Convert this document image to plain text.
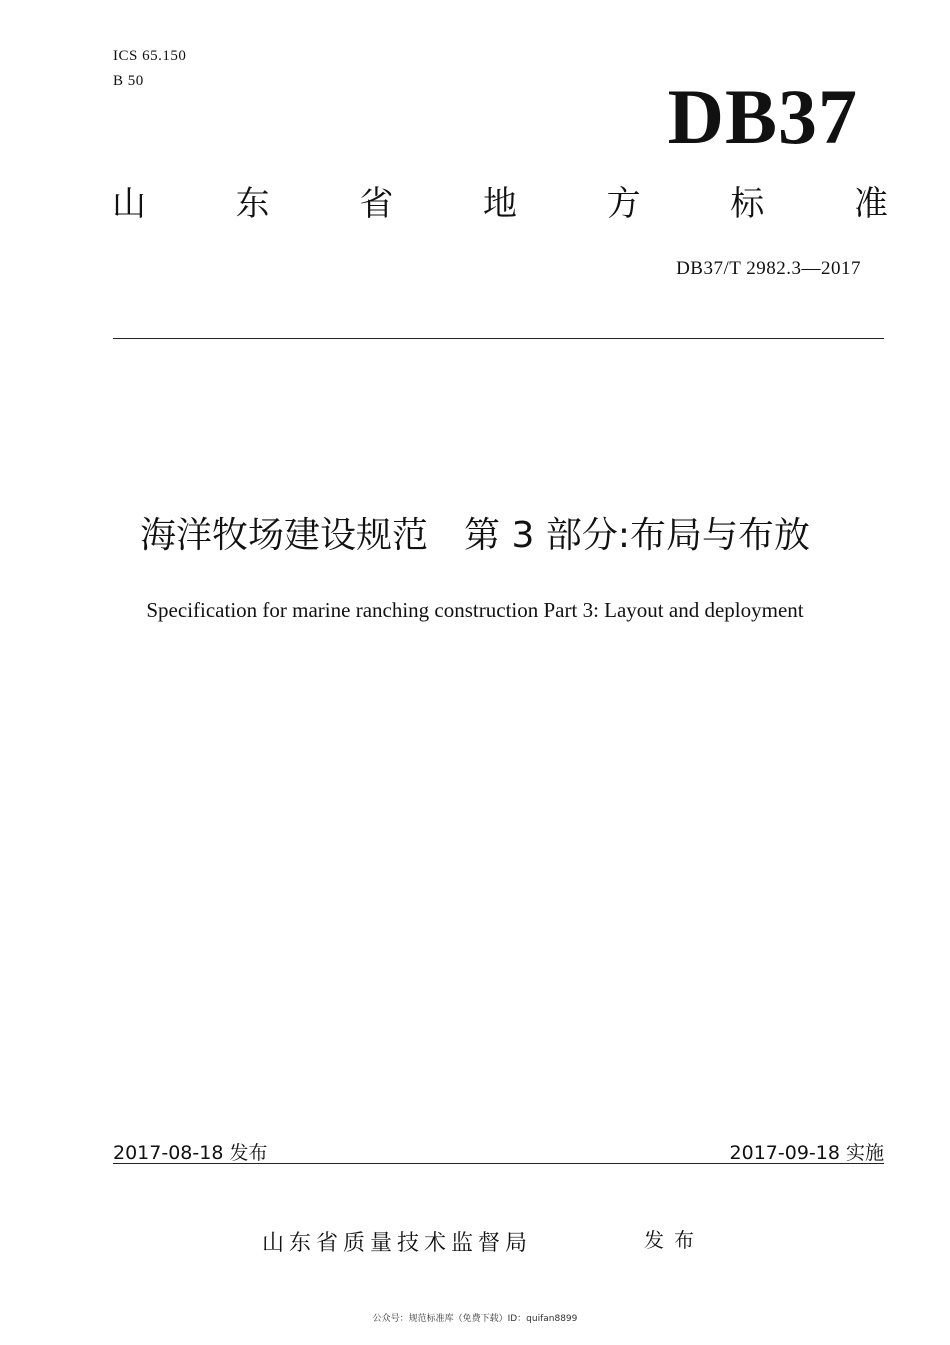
ICS 65.150
B 50	DB37
山	东	省	地	方	标	准
DB37/T 2982.3—2017
海洋牧场建设规范　第 3 部分:布局与布放
Specification for marine ranching construction Part 3: Layout and deployment
2017-08-18 发布	2017-09-18 实施
山东省质量技术监督局	发布
公众号：规范标准库（免费下载）ID：quifan8899
